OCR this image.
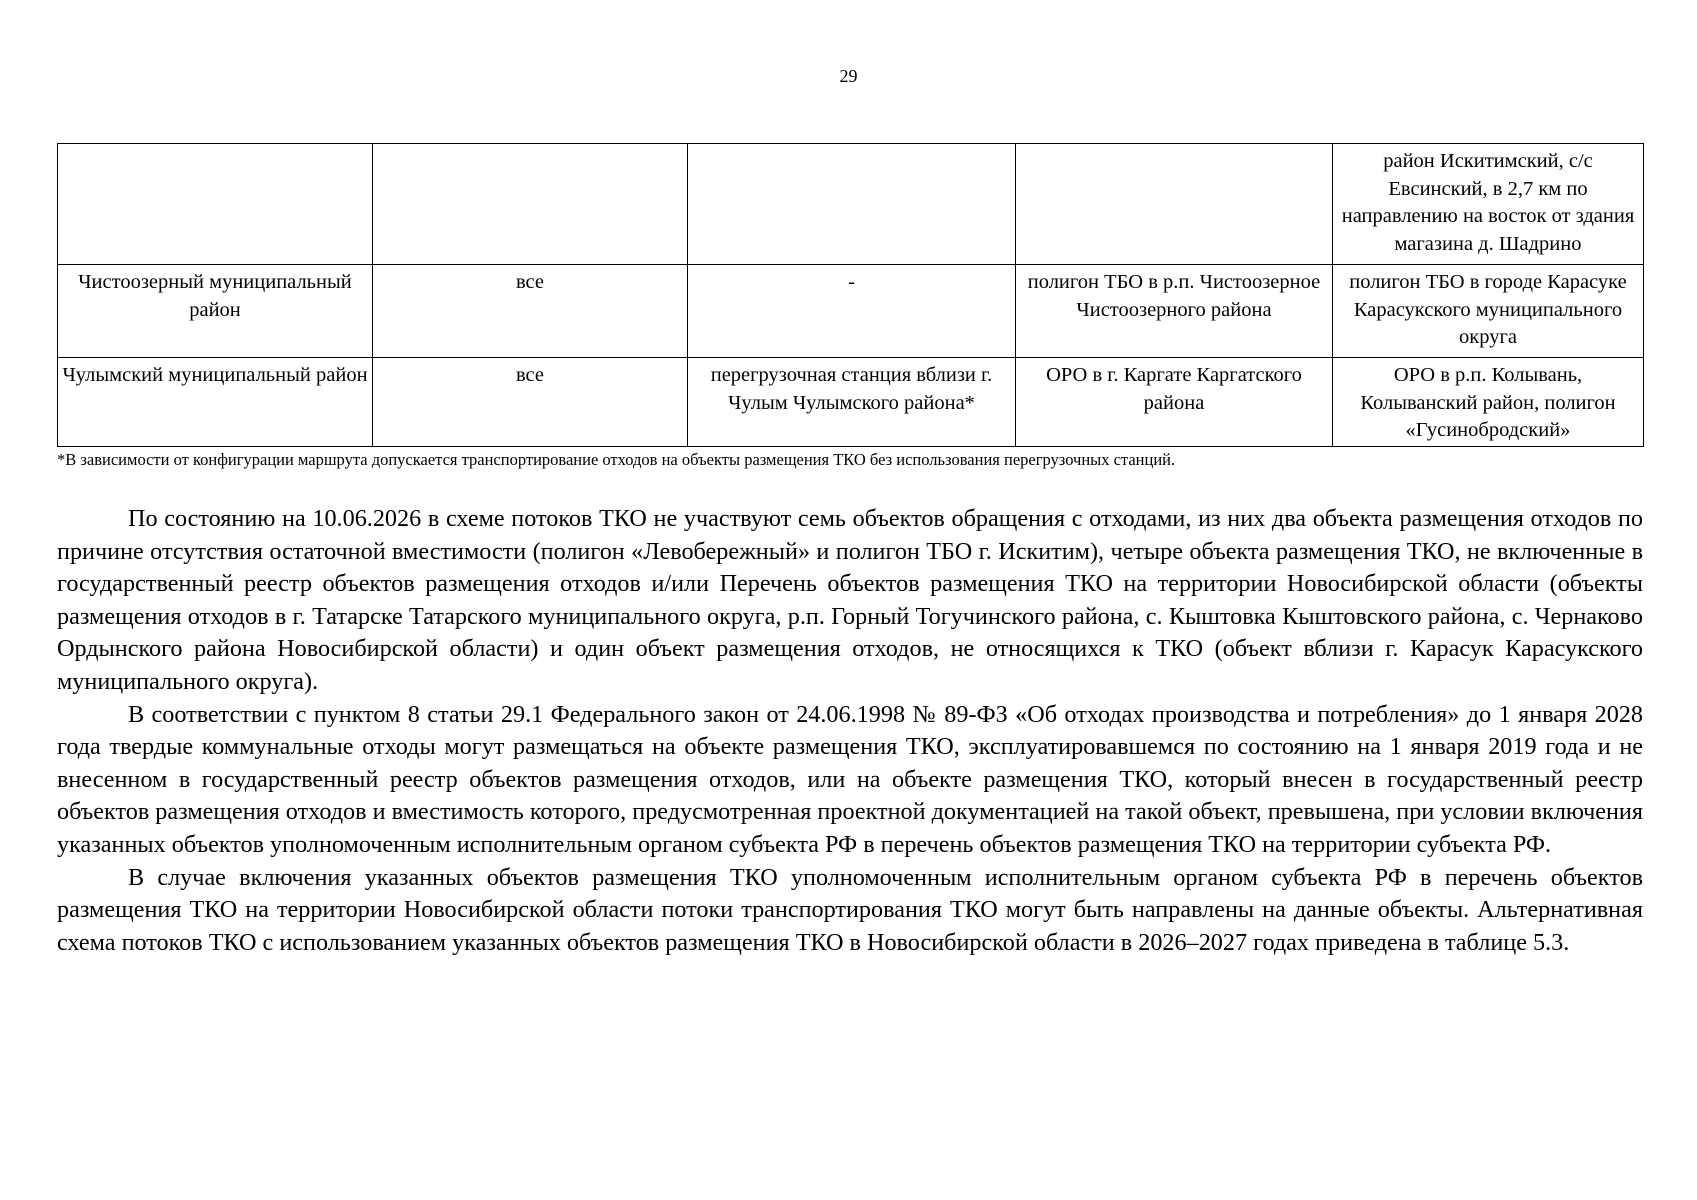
29
				район Искитимский, с/с Евсинский, в 2,7 км по направлению на восток от здания магазина д. Шадрино
Чистоозерный муниципальный район	все	-	полигон ТБО в р.п. Чистоозерное Чистоозерного района	полигон ТБО в городе Карасуке Карасукского муниципального округа
Чулымский муниципальный район	все	перегрузочная станция вблизи г. Чулым Чулымского района*	ОРО в г. Каргате Каргатского района	ОРО в р.п. Колывань, Колыванский район, полигон «Гусинобродский»
*В зависимости от конфигурации маршрута допускается транспортирование отходов на объекты размещения ТКО без использования перегрузочных станций.

По состоянию на 10.06.2026 в схеме потоков ТКО не участвуют семь объектов обращения с отходами, из них два объекта размещения отходов по причине отсутствия остаточной вместимости (полигон «Левобережный» и полигон ТБО г. Искитим), четыре объекта размещения ТКО, не включенные в государственный реестр объектов размещения отходов и/или Перечень объектов размещения ТКО на территории Новосибирской области (объекты размещения отходов в г. Татарске Татарского муниципального округа, р.п. Горный Тогучинского района, с. Кыштовка Кыштовского района, с. Чернаково Ордынского района Новосибирской области) и один объект размещения отходов, не относящихся к ТКО (объект вблизи г. Карасук Карасукского муниципального округа).

В соответствии с пунктом 8 статьи 29.1 Федерального закон от 24.06.1998 № 89-ФЗ «Об отходах производства и потребления» до 1 января 2028 года твердые коммунальные отходы могут размещаться на объекте размещения ТКО, эксплуатировавшемся по состоянию на 1 января 2019 года и не внесенном в государственный реестр объектов размещения отходов, или на объекте размещения ТКО, который внесен в государственный реестр объектов размещения отходов и вместимость которого, предусмотренная проектной документацией на такой объект, превышена, при условии включения указанных объектов уполномоченным исполнительным органом субъекта РФ в перечень объектов размещения ТКО на территории субъекта РФ.

В случае включения указанных объектов размещения ТКО уполномоченным исполнительным органом субъекта РФ в перечень объектов размещения ТКО на территории Новосибирской области потоки транспортирования ТКО могут быть направлены на данные объекты. Альтернативная схема потоков ТКО с использованием указанных объектов размещения ТКО в Новосибирской области в 2026–2027 годах приведена в таблице 5.3.
